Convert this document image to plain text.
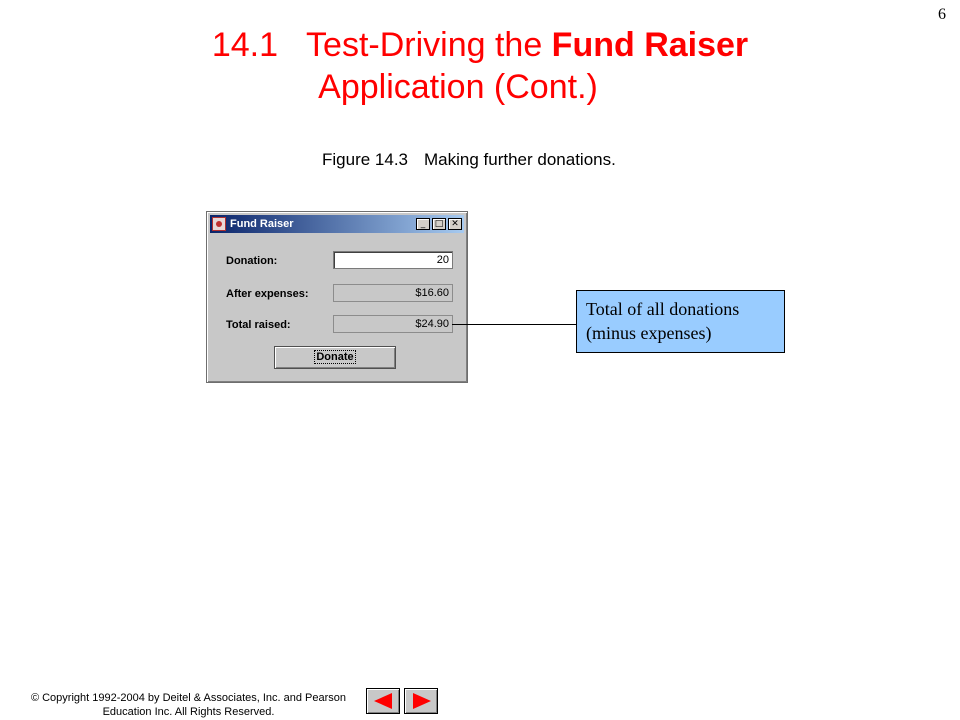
6
14.1 Test-Driving the Fund Raiser
Application (Cont.)
Figure 14.3 Making further donations.
Fund Raiser	_	□ ✕
Donation:	20
After expenses:	$16.60
Total raised:	$24.90
Donate
Total of all donations
(minus expenses)
© Copyright 1992-2004 by Deitel & Associates, Inc. and Pearson
Education Inc. All Rights Reserved.
